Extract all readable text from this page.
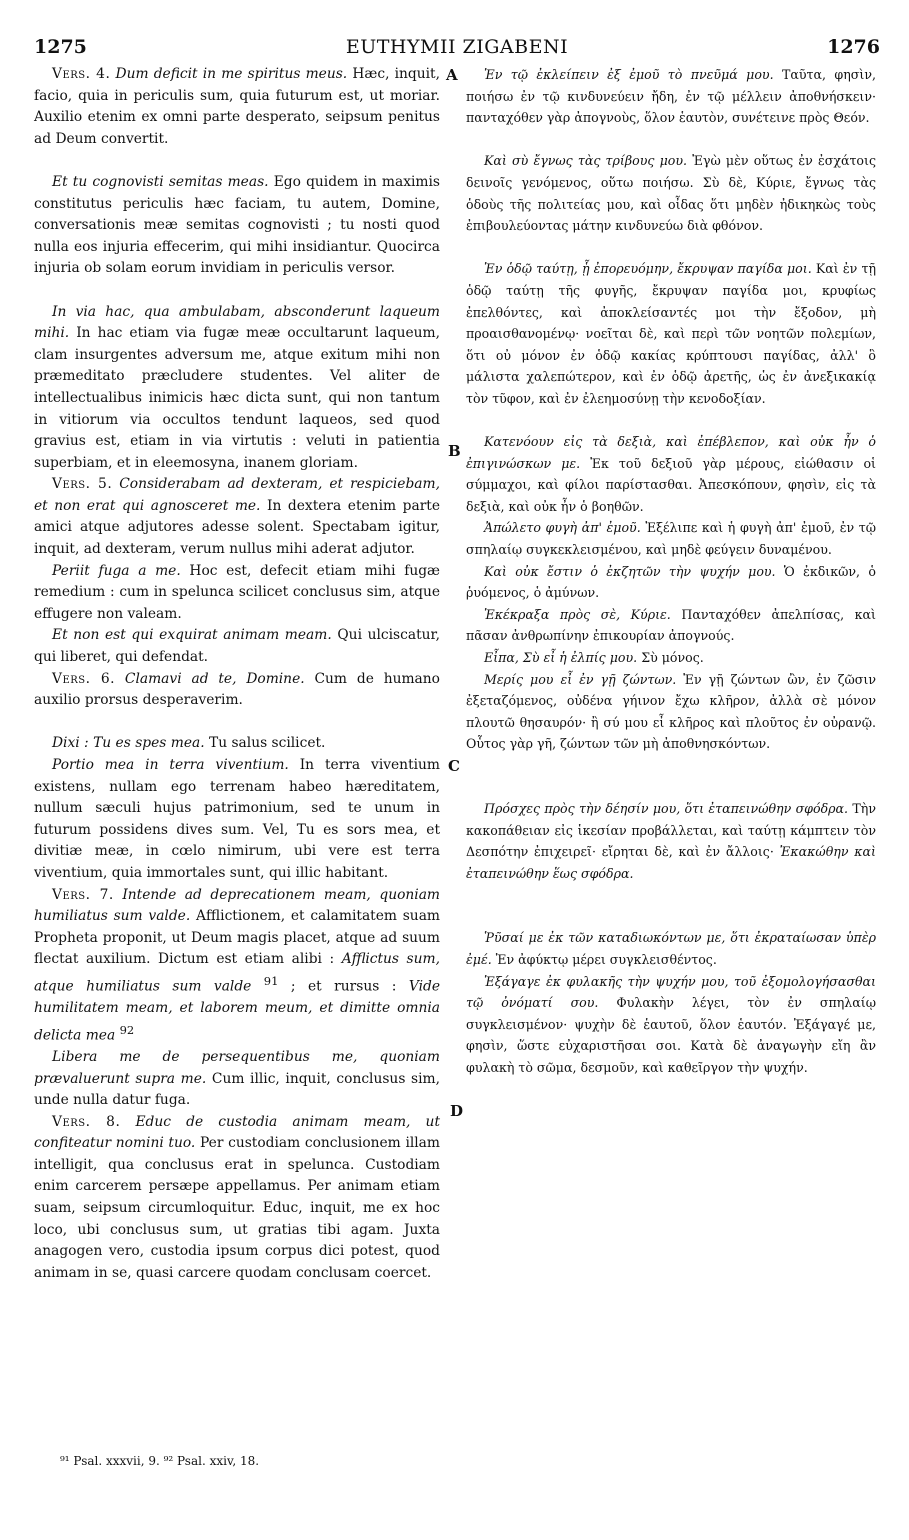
1275	EUTHYMII ZIGABENI	1276
A
B
C
D

Vers. 4. Dum deficit in me spiritus meus. Hæc, inquit, facio, quia in periculis sum, quia futurum est, ut moriar. Auxilio etenim ex omni parte desperato, seipsum penitus ad Deum convertit.

Et tu cognovisti semitas meas. Ego quidem in maximis constitutus periculis hæc faciam, tu autem, Domine, conversationis meæ semitas cognovisti ; tu nosti quod nulla eos injuria effecerim, qui mihi insidiantur. Quocirca injuria ob solam eorum invidiam in periculis versor.

In via hac, qua ambulabam, absconderunt laqueum mihi. In hac etiam via fugæ meæ occultarunt laqueum, clam insurgentes adversum me, atque exitum mihi non præmeditato præcludere studentes. Vel aliter de intellectualibus inimicis hæc dicta sunt, qui non tantum in vitiorum via occultos tendunt laqueos, sed quod gravius est, etiam in via virtutis : veluti in patientia superbiam, et in eleemosyna, inanem gloriam.

Vers. 5. Considerabam ad dexteram, et respiciebam, et non erat qui agnosceret me. In dextera etenim parte amici atque adjutores adesse solent. Spectabam igitur, inquit, ad dexteram, verum nullus mihi aderat adjutor.

Periit fuga a me. Hoc est, defecit etiam mihi fugæ remedium : cum in spelunca scilicet conclusus sim, atque effugere non valeam.

Et non est qui exquirat animam meam. Qui ulciscatur, qui liberet, qui defendat.

Vers. 6. Clamavi ad te, Domine. Cum de humano auxilio prorsus desperaverim.

Dixi : Tu es spes mea. Tu salus scilicet.

Portio mea in terra viventium. In terra viventium existens, nullam ego terrenam habeo hæreditatem, nullum sæculi hujus patrimonium, sed te unum in futurum possidens dives sum. Vel, Tu es sors mea, et divitiæ meæ, in cœlo nimirum, ubi vere est terra viventium, quia immortales sunt, qui illic habitant.

Vers. 7. Intende ad deprecationem meam, quoniam humiliatus sum valde. Afflictionem, et calamitatem suam Propheta proponit, ut Deum magis placet, atque ad suum flectat auxilium. Dictum est etiam alibi : Afflictus sum, atque humiliatus sum valde $^{91}$ ; et rursus : Vide humilitatem meam, et laborem meum, et dimitte omnia delicta mea $^{92}$

Libera me de persequentibus me, quoniam prævaluerunt supra me. Cum illic, inquit, conclusus sim, unde nulla datur fuga.

Vers. 8. Educ de custodia animam meam, ut confiteatur nomini tuo. Per custodiam conclusionem illam intelligit, qua conclusus erat in spelunca. Custodiam enim carcerem persæpe appellamus. Per animam etiam suam, seipsum circumloquitur. Educ, inquit, me ex hoc loco, ubi conclusus sum, ut gratias tibi agam. Juxta anagogen vero, custodia ipsum corpus dici potest, quod animam in se, quasi carcere quodam conclusam coercet.

Ἐν τῷ ἐκλείπειν ἐξ ἐμοῦ τὸ πνεῦμά μου. Ταῦτα, φησὶν, ποιήσω ἐν τῷ κινδυνεύειν ἤδη, ἐν τῷ μέλλειν ἀποθνήσκειν· πανταχόθεν γὰρ ἀπογνοὺς, ὅλον ἑαυτὸν, συνέτεινε πρὸς Θεόν.

Καὶ σὺ ἔγνως τὰς τρίβους μου. Ἐγὼ μὲν οὕτως ἐν ἐσχάτοις δεινοῖς γενόμενος, οὕτω ποιήσω. Σὺ δὲ, Κύριε, ἔγνως τὰς ὁδοὺς τῆς πολιτείας μου, καὶ οἶδας ὅτι μηδὲν ἠδικηκὼς τοὺς ἐπιβουλεύοντας μάτην κινδυνεύω διὰ φθόνον.

Ἐν ὁδῷ ταύτῃ, ᾗ ἐπορευόμην, ἔκρυψαν παγίδα μοι. Καὶ ἐν τῇ ὁδῷ ταύτῃ τῆς φυγῆς, ἔκρυψαν παγίδα μοι, κρυφίως ἐπελθόντες, καὶ ἀποκλείσαντές μοι τὴν ἔξοδον, μὴ προαισθανομένῳ· νοεῖται δὲ, καὶ περὶ τῶν νοητῶν πολεμίων, ὅτι οὐ μόνον ἐν ὁδῷ κακίας κρύπτουσι παγίδας, ἀλλ' ὃ μάλιστα χαλεπώτερον, καὶ ἐν ὁδῷ ἀρετῆς, ὡς ἐν ἀνεξικακίᾳ τὸν τῦφον, καὶ ἐν ἐλεημοσύνῃ τὴν κενοδοξίαν.

Κατενόουν εἰς τὰ δεξιὰ, καὶ ἐπέβλεπον, καὶ οὐκ ἦν ὁ ἐπιγινώσκων με. Ἐκ τοῦ δεξιοῦ γὰρ μέρους, εἰώθασιν οἱ σύμμαχοι, καὶ φίλοι παρίστασθαι. Ἀπεσκόπουν, φησὶν, εἰς τὰ δεξιὰ, καὶ οὐκ ἦν ὁ βοηθῶν.

Ἀπώλετο φυγὴ ἀπ' ἐμοῦ. Ἐξέλιπε καὶ ἡ φυγὴ ἀπ' ἐμοῦ, ἐν τῷ σπηλαίῳ συγκεκλεισμένου, καὶ μηδὲ φεύγειν δυναμένου.

Καὶ οὐκ ἔστιν ὁ ἐκζητῶν τὴν ψυχήν μου. Ὁ ἐκδικῶν, ὁ ῥυόμενος, ὁ ἀμύνων.

Ἐκέκραξα πρὸς σὲ, Κύριε. Πανταχόθεν ἀπελπίσας, καὶ πᾶσαν ἀνθρωπίνην ἐπικουρίαν ἀπογνούς.

Εἶπα, Σὺ εἶ ἡ ἐλπίς μου. Σὺ μόνος.

Μερίς μου εἶ ἐν γῇ ζώντων. Ἐν γῇ ζώντων ὢν, ἐν ζῶσιν ἐξεταζόμενος, οὐδένα γήινον ἔχω κλῆρον, ἀλλὰ σὲ μόνον πλουτῶ θησαυρόν· ἢ σύ μου εἶ κλῆρος καὶ πλοῦτος ἐν οὐρανῷ. Οὗτος γὰρ γῆ, ζώντων τῶν μὴ ἀποθνησκόντων.

Πρόσχες πρὸς τὴν δέησίν μου, ὅτι ἐταπεινώθην σφόδρα. Τὴν κακοπάθειαν εἰς ἱκεσίαν προβάλλεται, καὶ ταύτῃ κάμπτειν τὸν Δεσπότην ἐπιχειρεῖ· εἴρηται δὲ, καὶ ἐν ἄλλοις· Ἐκακώθην καὶ ἐταπεινώθην ἕως σφόδρα.

Ῥῦσαί με ἐκ τῶν καταδιωκόντων με, ὅτι ἐκραταίωσαν ὑπὲρ ἐμέ. Ἐν ἀφύκτῳ μέρει συγκλεισθέντος.

Ἐξάγαγε ἐκ φυλακῆς τὴν ψυχήν μου, τοῦ ἐξομολογήσασθαι τῷ ὀνόματί σου. Φυλακὴν λέγει, τὸν ἐν σπηλαίῳ συγκλεισμένον· ψυχὴν δὲ ἑαυτοῦ, ὅλον ἑαυτόν. Ἐξάγαγέ με, φησὶν, ὥστε εὐχαριστῆσαι σοι. Κατὰ δὲ ἀναγωγὴν εἴη ἂν φυλακὴ τὸ σῶμα, δεσμοῦν, καὶ καθεῖργον τὴν ψυχήν.

⁹¹ Psal. xxxvii, 9. ⁹² Psal. xxiv, 18.
